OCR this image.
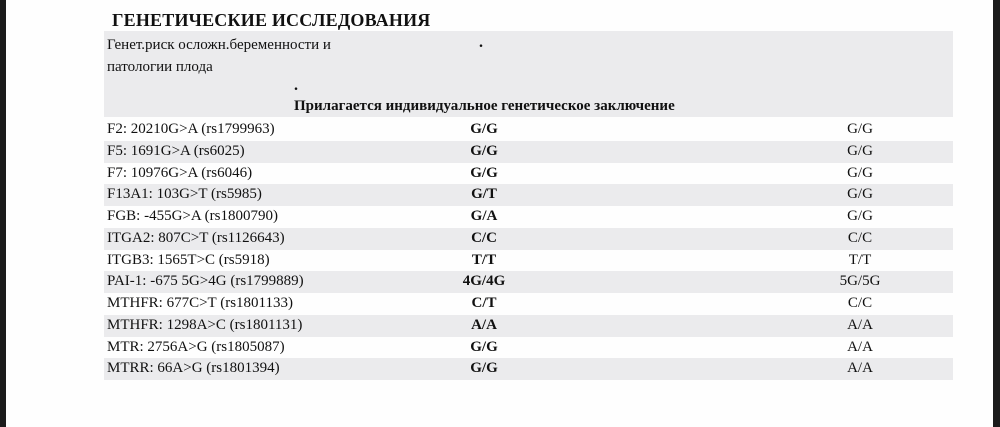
ГЕНЕТИЧЕСКИЕ ИССЛЕДОВАНИЯ
Генет.риск осложн.беременности и патологии плода
.
.
Прилагается индивидуальное генетическое заключение
F2: 20210G>A (rs1799963)	G/G	G/G
F5: 1691G>A (rs6025)	G/G	G/G
F7: 10976G>A (rs6046)	G/G	G/G
F13A1: 103G>T (rs5985)	G/T	G/G
FGB: -455G>A (rs1800790)	G/A	G/G
ITGA2: 807C>T (rs1126643)	C/C	C/C
ITGB3: 1565T>C (rs5918)	T/T	T/T
PAI-1: -675 5G>4G (rs1799889)	4G/4G	5G/5G
MTHFR: 677C>T (rs1801133)	C/T	C/C
MTHFR: 1298A>C (rs1801131)	A/A	A/A
MTR: 2756A>G (rs1805087)	G/G	A/A
MTRR: 66A>G (rs1801394)	G/G	A/A
